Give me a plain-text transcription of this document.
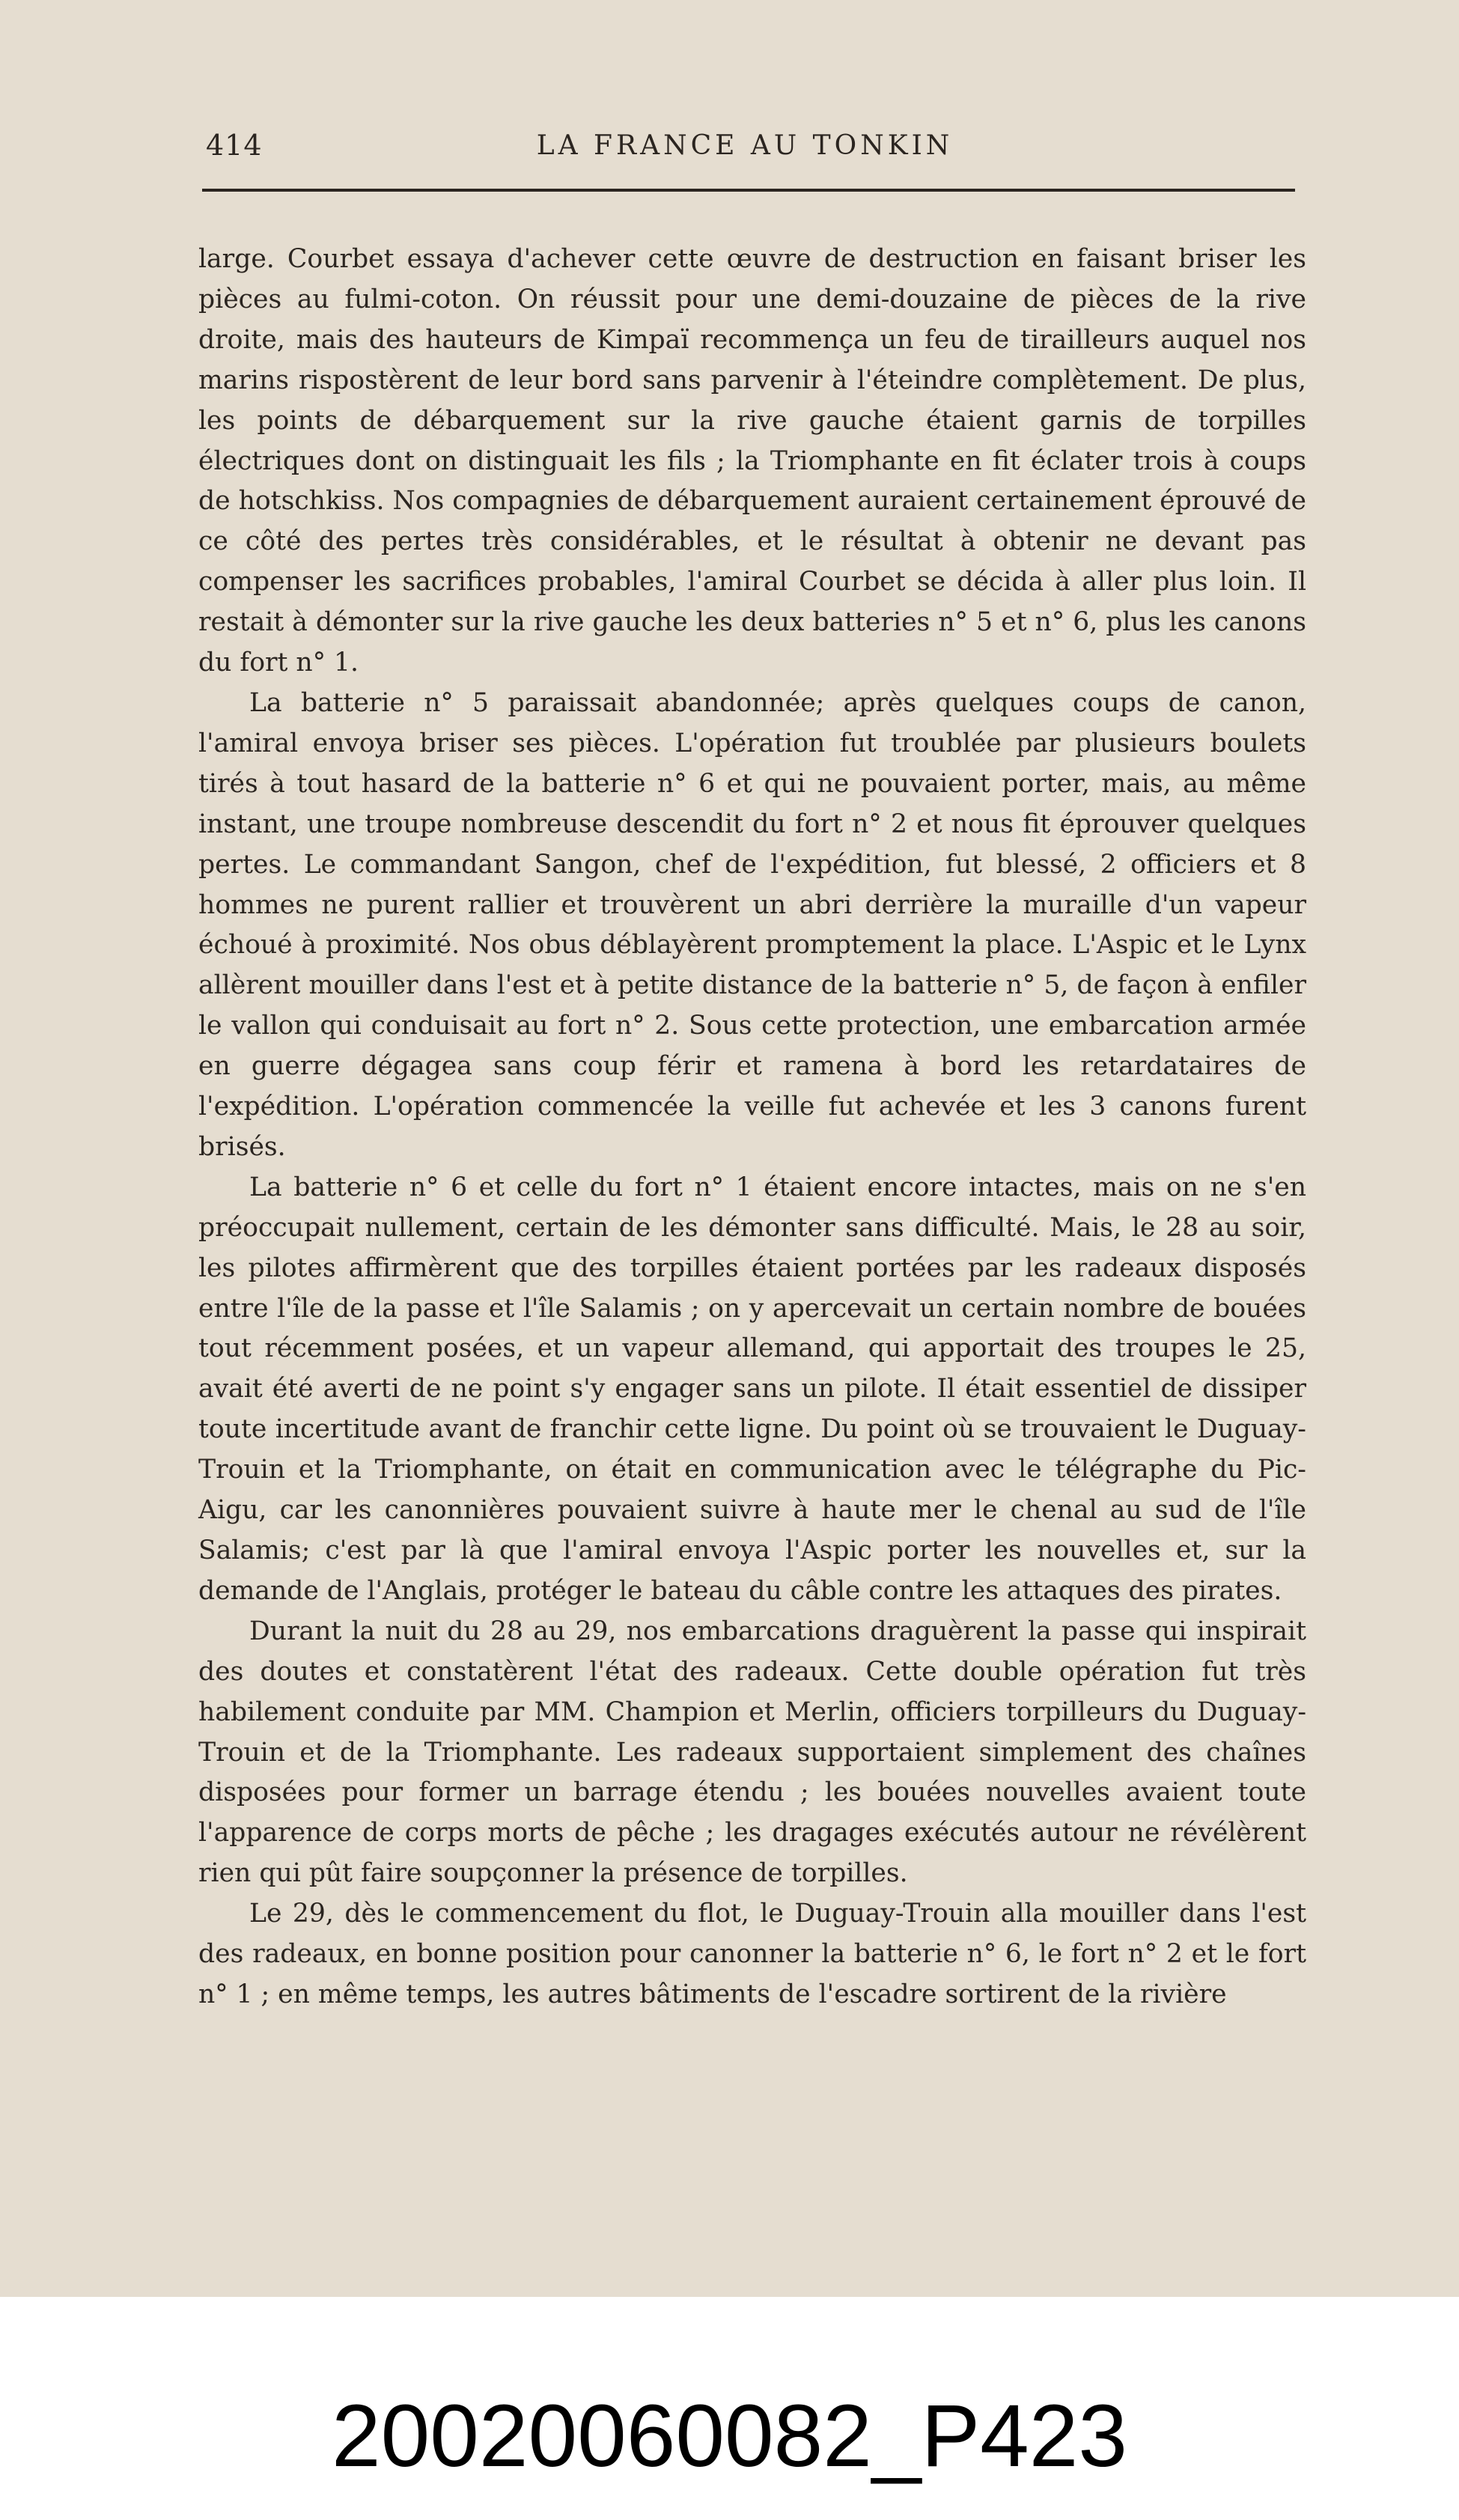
414	LA FRANCE AU TONKIN

large. Courbet essaya d'achever cette œuvre de destruction en faisant briser les pièces au fulmi-coton. On réussit pour une demi-douzaine de pièces de la rive droite, mais des hauteurs de Kimpaï recommença un feu de tirailleurs auquel nos marins rispostèrent de leur bord sans parvenir à l'éteindre complètement. De plus, les points de débarquement sur la rive gauche étaient garnis de torpilles électriques dont on distinguait les fils ; la Triomphante en fit éclater trois à coups de hotschkiss. Nos compagnies de débarquement auraient certainement éprouvé de ce côté des pertes très considérables, et le résultat à obtenir ne devant pas compenser les sacrifices probables, l'amiral Courbet se décida à aller plus loin. Il restait à démonter sur la rive gauche les deux batteries n° 5 et n° 6, plus les canons du fort n° 1.

La batterie n° 5 paraissait abandonnée; après quelques coups de canon, l'amiral envoya briser ses pièces. L'opération fut troublée par plusieurs boulets tirés à tout hasard de la batterie n° 6 et qui ne pouvaient porter, mais, au même instant, une troupe nombreuse descendit du fort n° 2 et nous fit éprouver quelques pertes. Le commandant Sangon, chef de l'expédition, fut blessé, 2 officiers et 8 hommes ne purent rallier et trouvèrent un abri derrière la muraille d'un vapeur échoué à proximité. Nos obus déblayèrent promptement la place. L'Aspic et le Lynx allèrent mouiller dans l'est et à petite distance de la batterie n° 5, de façon à enfiler le vallon qui conduisait au fort n° 2. Sous cette protection, une embarcation armée en guerre dégagea sans coup férir et ramena à bord les retardataires de l'expédition. L'opération commencée la veille fut achevée et les 3 canons furent brisés.

La batterie n° 6 et celle du fort n° 1 étaient encore intactes, mais on ne s'en préoccupait nullement, certain de les démonter sans difficulté. Mais, le 28 au soir, les pilotes affirmèrent que des torpilles étaient portées par les radeaux disposés entre l'île de la passe et l'île Salamis ; on y apercevait un certain nombre de bouées tout récemment posées, et un vapeur allemand, qui apportait des troupes le 25, avait été averti de ne point s'y engager sans un pilote. Il était essentiel de dissiper toute incertitude avant de franchir cette ligne. Du point où se trouvaient le Duguay-Trouin et la Triomphante, on était en communication avec le télégraphe du Pic-Aigu, car les canonnières pouvaient suivre à haute mer le chenal au sud de l'île Salamis; c'est par là que l'amiral envoya l'Aspic porter les nouvelles et, sur la demande de l'Anglais, protéger le bateau du câble contre les attaques des pirates.

Durant la nuit du 28 au 29, nos embarcations draguèrent la passe qui inspirait des doutes et constatèrent l'état des radeaux. Cette double opération fut très habilement conduite par MM. Champion et Merlin, officiers torpilleurs du Duguay-Trouin et de la Triomphante. Les radeaux supportaient simplement des chaînes disposées pour former un barrage étendu ; les bouées nouvelles avaient toute l'apparence de corps morts de pêche ; les dragages exécutés autour ne révélèrent rien qui pût faire soupçonner la présence de torpilles.

Le 29, dès le commencement du flot, le Duguay-Trouin alla mouiller dans l'est des radeaux, en bonne position pour canonner la batterie n° 6, le fort n° 2 et le fort n° 1 ; en même temps, les autres bâtiments de l'escadre sortirent de la rivière

20020060082_P423
